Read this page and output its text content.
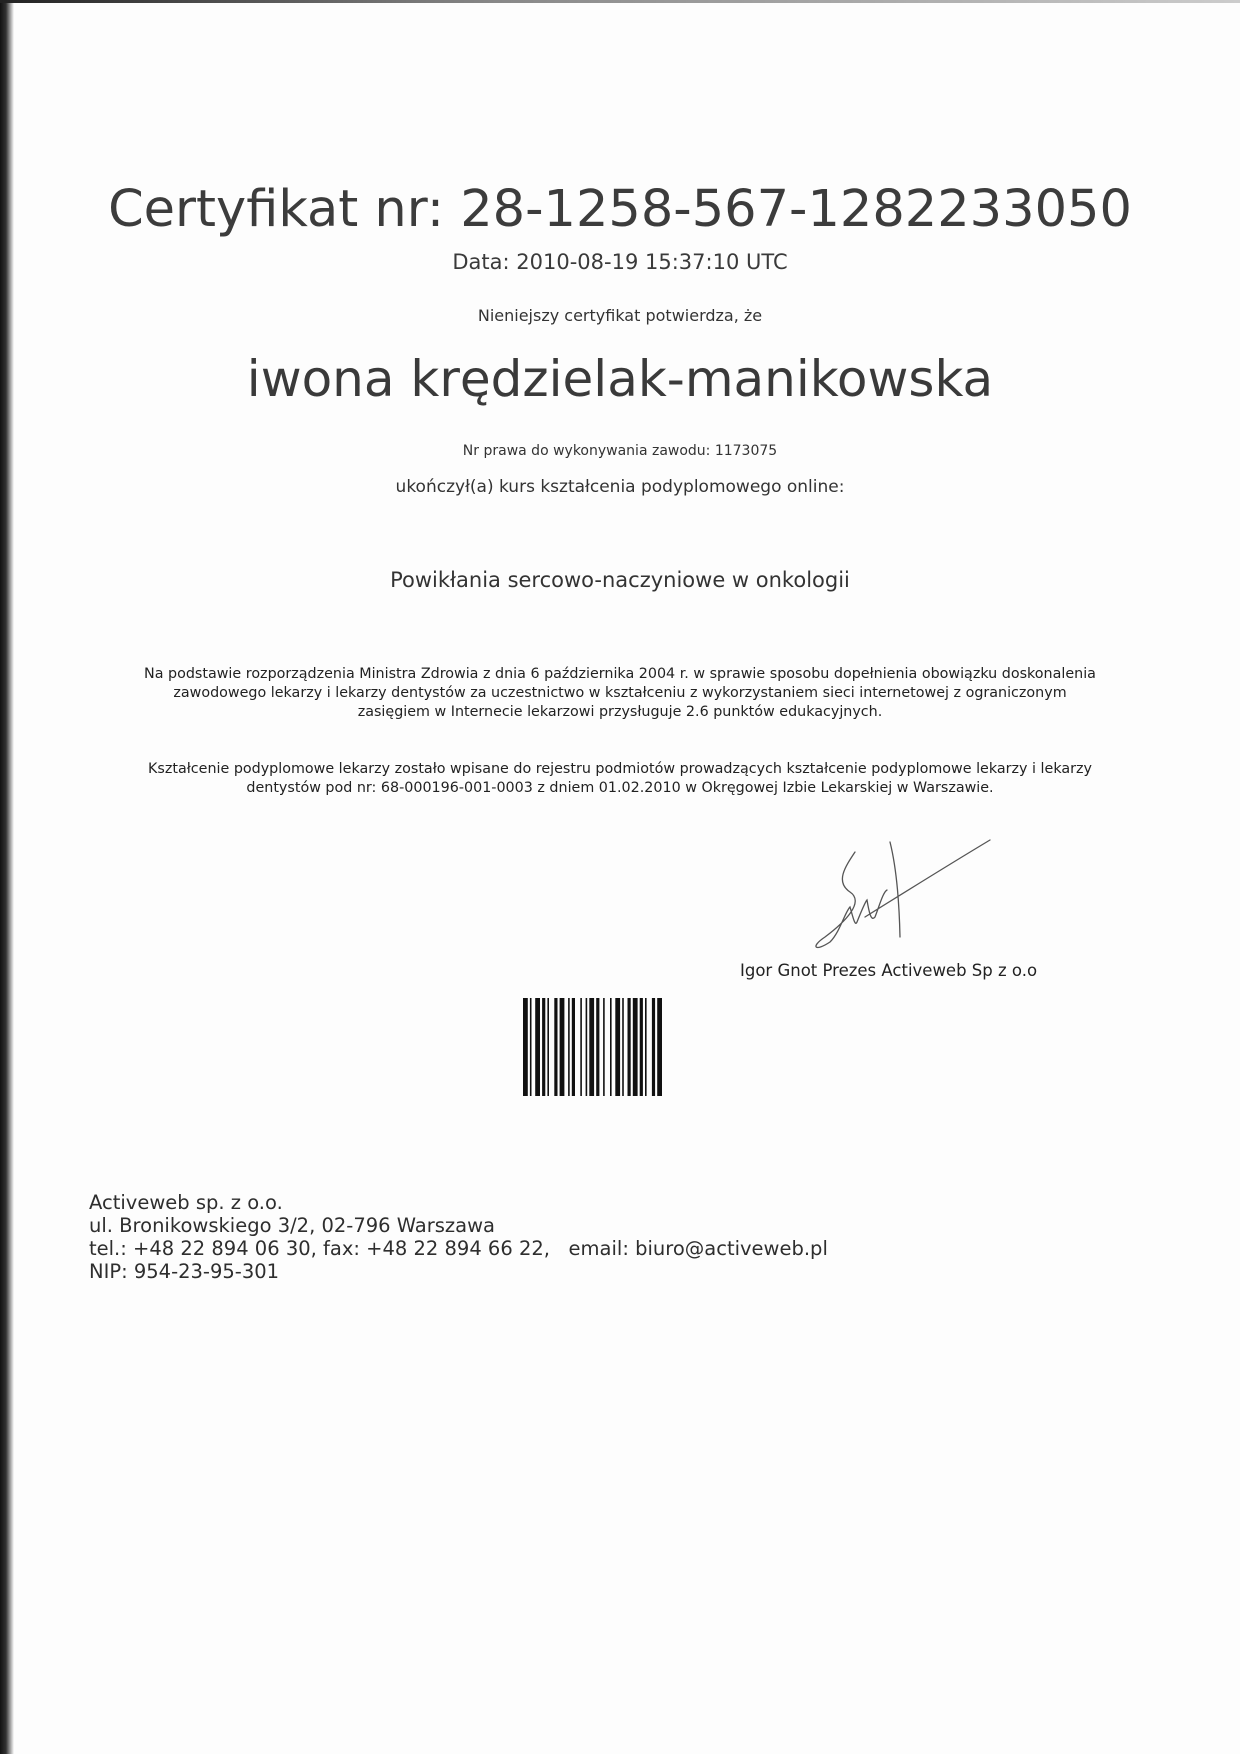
Certyfikat nr: 28-1258-567-1282233050
Data: 2010-08-19 15:37:10 UTC
Nieniejszy certyfikat potwierdza, że
iwona krędzielak-manikowska
Nr prawa do wykonywania zawodu: 1173075
ukończył(a) kurs kształcenia podyplomowego online:
Powikłania sercowo-naczyniowe w onkologii
Na podstawie rozporządzenia Ministra Zdrowia z dnia 6 października 2004 r. w sprawie sposobu dopełnienia obowiązku doskonalenia
zawodowego lekarzy i lekarzy dentystów za uczestnictwo w kształceniu z wykorzystaniem sieci internetowej z ograniczonym
zasięgiem w Internecie lekarzowi przysługuje 2.6 punktów edukacyjnych.
Kształcenie podyplomowe lekarzy zostało wpisane do rejestru podmiotów prowadzących kształcenie podyplomowe lekarzy i lekarzy
dentystów pod nr: 68-000196-001-0003 z dniem 01.02.2010 w Okręgowej Izbie Lekarskiej w Warszawie.
Igor Gnot Prezes Activeweb Sp z o.o
Activeweb sp. z o.o.
ul. Bronikowskiego 3/2, 02-796 Warszawa
tel.: +48 22 894 06 30, fax: +48 22 894 66 22,   email: biuro@activeweb.pl
NIP: 954-23-95-301
